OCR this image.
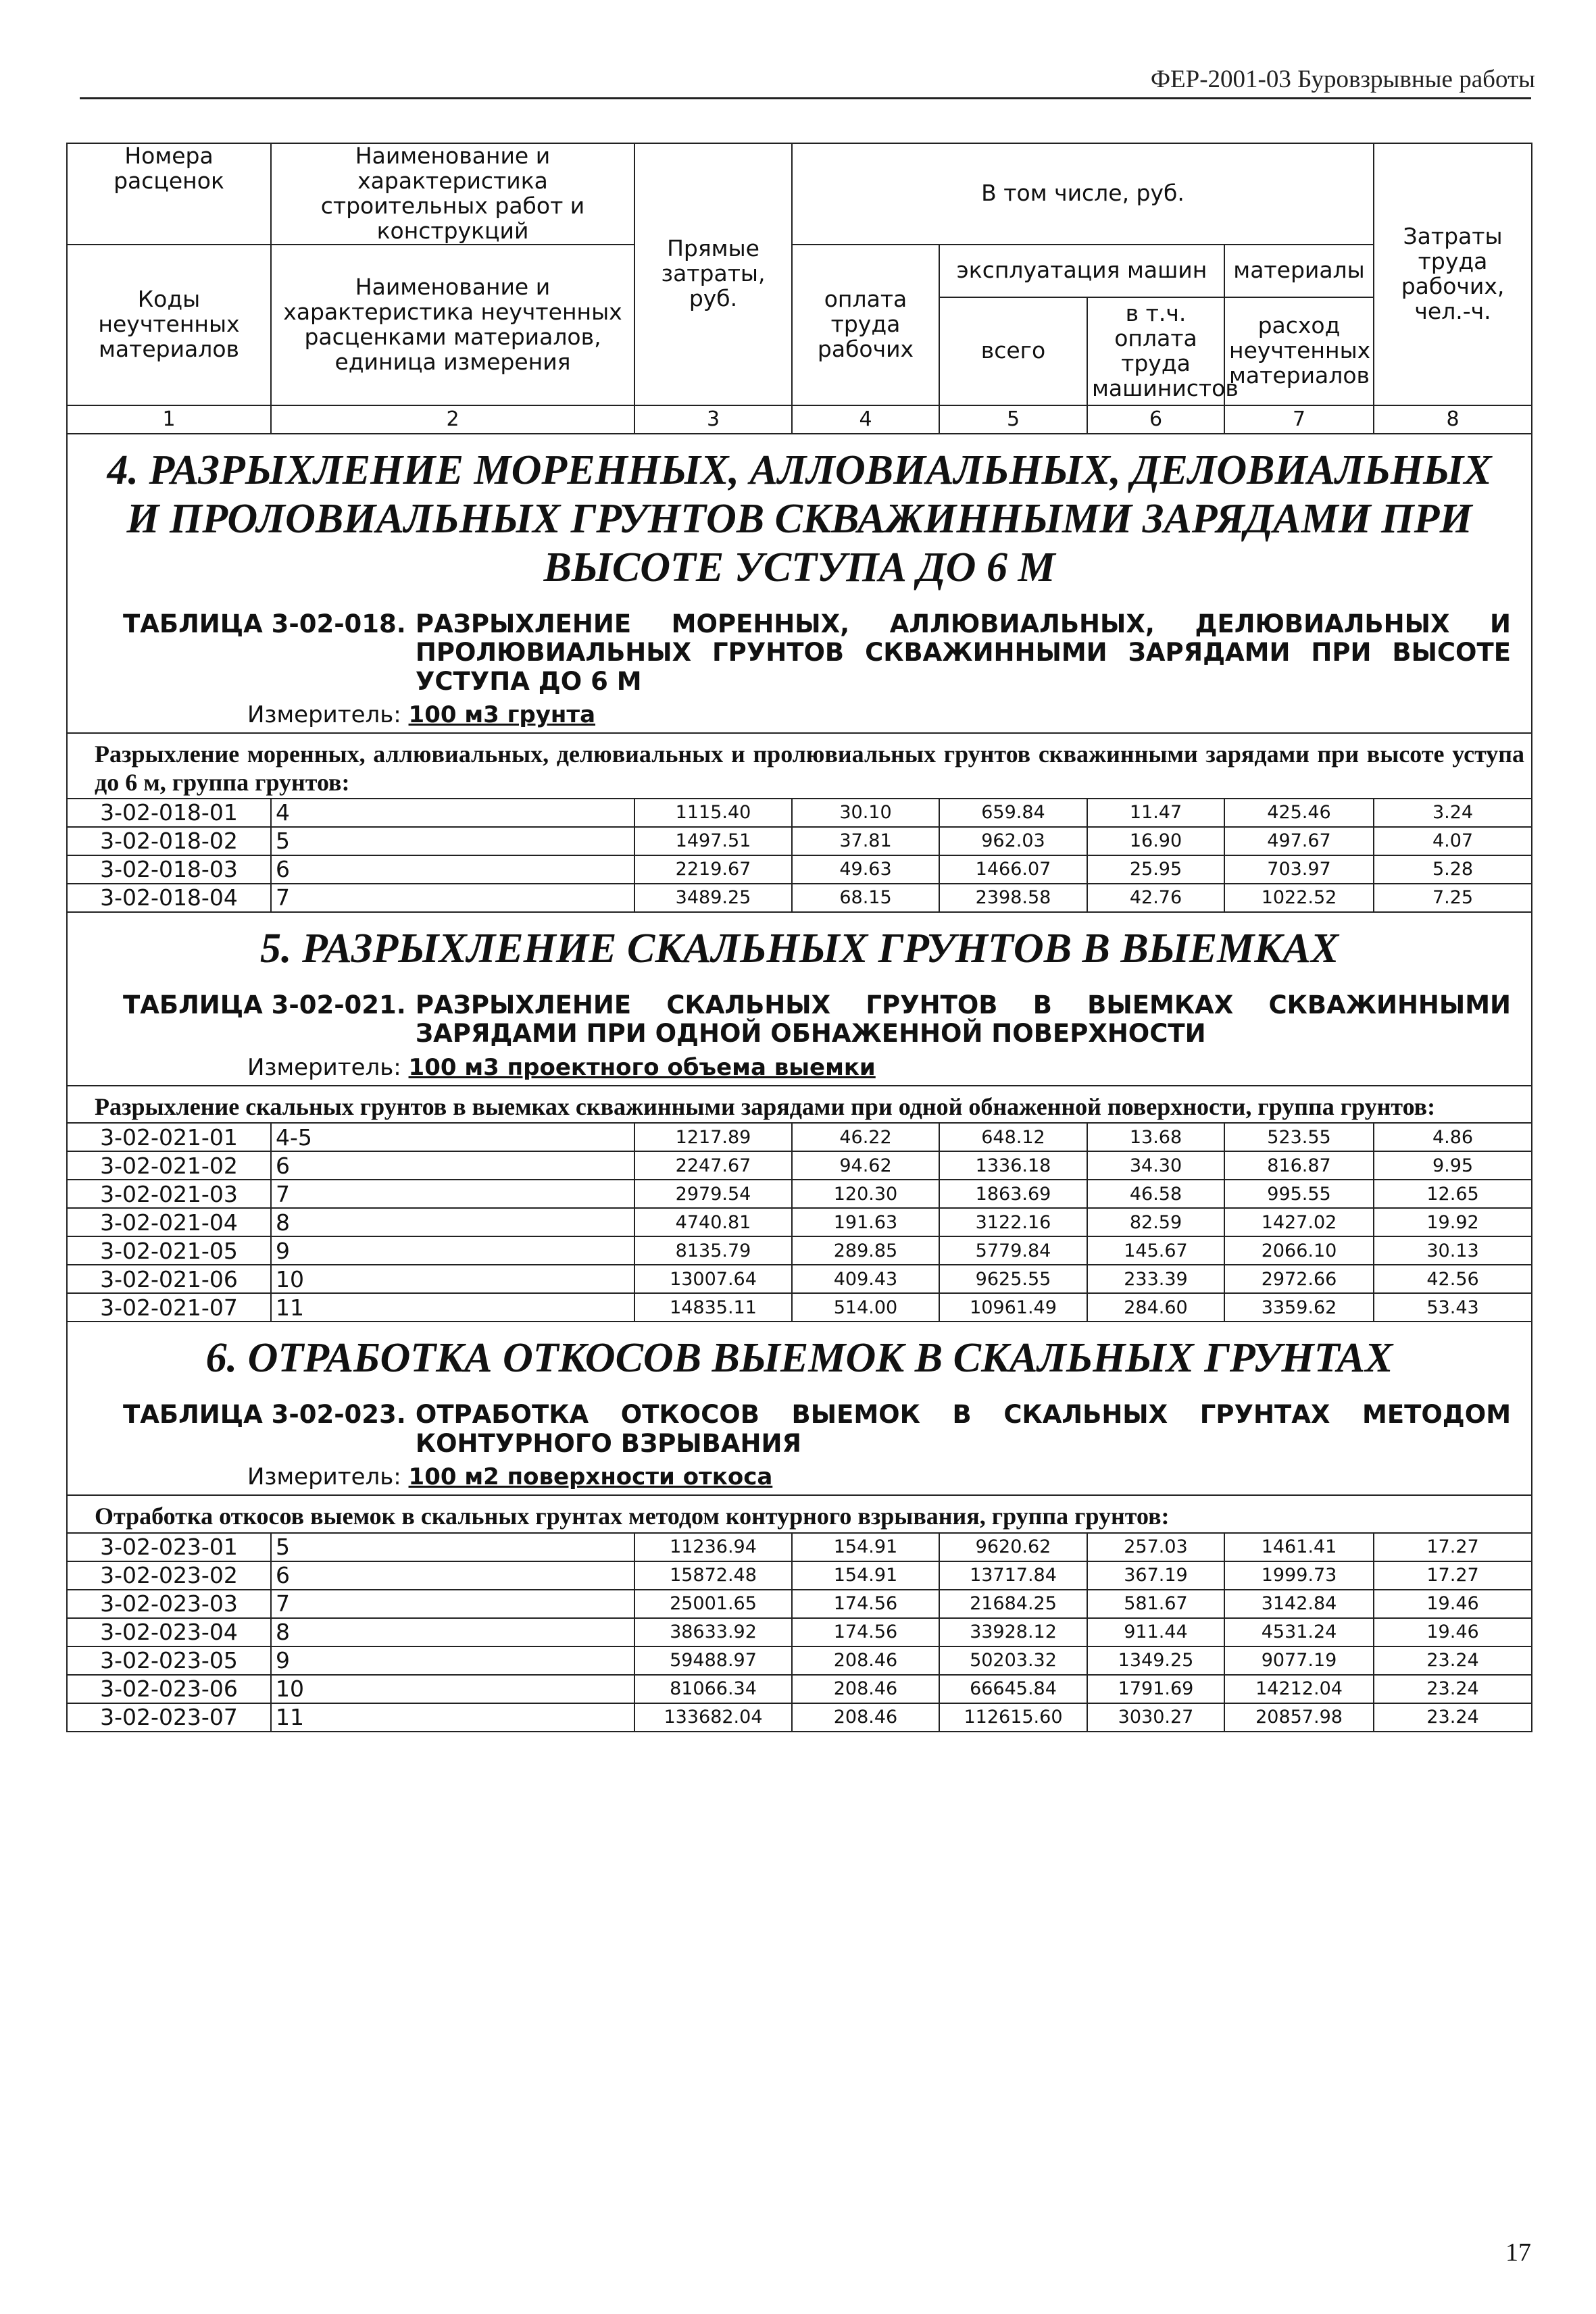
ФЕР-2001-03 Буровзрывные работы
Номера расценок	Наименование и характеристика строительных работ и конструкций	Прямые затраты, руб.	В том числе, руб.				Затраты труда рабочих, чел.-ч.
Коды неучтенных материалов	Наименование и характеристика неучтенных расценками материалов, единица измерения		оплата труда рабочих	эксплуатация машин		материалы	
				всего	в т.ч. оплата труда машинистов	расход неучтенных материалов	
1	2	3	4	5	6	7	8

4. РАЗРЫХЛЕНИЕ МОРЕННЫХ, АЛЛОВИАЛЬНЫХ, ДЕЛОВИАЛЬНЫХ И ПРОЛОВИАЛЬНЫХ ГРУНТОВ СКВАЖИННЫМИ ЗАРЯДАМИ ПРИ ВЫСОТЕ УСТУПА ДО 6 М
ТАБЛИЦА 3-02-018. РАЗРЫХЛЕНИЕ МОРЕННЫХ, АЛЛЮВИАЛЬНЫХ, ДЕЛЮВИАЛЬНЫХ И ПРОЛЮВИАЛЬНЫХ ГРУНТОВ СКВАЖИННЫМИ ЗАРЯДАМИ ПРИ ВЫСОТЕ УСТУПА ДО 6 М
Измеритель: 100 м3 грунта							

Разрыхление моренных, аллювиальных, делювиальных и пролювиальных грунтов скважинными зарядами при высоте уступа до 6 м, группа грунтов:							
3-02-018-01	4	1115.40	30.10	659.84	11.47	425.46	3.24
3-02-018-02	5	1497.51	37.81	962.03	16.90	497.67	4.07
3-02-018-03	6	2219.67	49.63	1466.07	25.95	703.97	5.28
3-02-018-04	7	3489.25	68.15	2398.58	42.76	1022.52	7.25

5. РАЗРЫХЛЕНИЕ СКАЛЬНЫХ ГРУНТОВ В ВЫЕМКАХ
ТАБЛИЦА 3-02-021. РАЗРЫХЛЕНИЕ СКАЛЬНЫХ ГРУНТОВ В ВЫЕМКАХ СКВАЖИННЫМИ ЗАРЯДАМИ ПРИ ОДНОЙ ОБНАЖЕННОЙ ПОВЕРХНОСТИ
Измеритель: 100 м3 проектного объема выемки							

Разрыхление скальных грунтов в выемках скважинными зарядами при одной обнаженной поверхности, группа грунтов:							
3-02-021-01	4-5	1217.89	46.22	648.12	13.68	523.55	4.86
3-02-021-02	6	2247.67	94.62	1336.18	34.30	816.87	9.95
3-02-021-03	7	2979.54	120.30	1863.69	46.58	995.55	12.65
3-02-021-04	8	4740.81	191.63	3122.16	82.59	1427.02	19.92
3-02-021-05	9	8135.79	289.85	5779.84	145.67	2066.10	30.13
3-02-021-06	10	13007.64	409.43	9625.55	233.39	2972.66	42.56
3-02-021-07	11	14835.11	514.00	10961.49	284.60	3359.62	53.43

6. ОТРАБОТКА ОТКОСОВ ВЫЕМОК В СКАЛЬНЫХ ГРУНТАХ
ТАБЛИЦА 3-02-023. ОТРАБОТКА ОТКОСОВ ВЫЕМОК В СКАЛЬНЫХ ГРУНТАХ МЕТОДОМ КОНТУРНОГО ВЗРЫВАНИЯ
Измеритель: 100 м2 поверхности откоса							

Отработка откосов выемок в скальных грунтах методом контурного взрывания, группа грунтов:							
3-02-023-01	5	11236.94	154.91	9620.62	257.03	1461.41	17.27
3-02-023-02	6	15872.48	154.91	13717.84	367.19	1999.73	17.27
3-02-023-03	7	25001.65	174.56	21684.25	581.67	3142.84	19.46
3-02-023-04	8	38633.92	174.56	33928.12	911.44	4531.24	19.46
3-02-023-05	9	59488.97	208.46	50203.32	1349.25	9077.19	23.24
3-02-023-06	10	81066.34	208.46	66645.84	1791.69	14212.04	23.24
3-02-023-07	11	133682.04	208.46	112615.60	3030.27	20857.98	23.24
17
